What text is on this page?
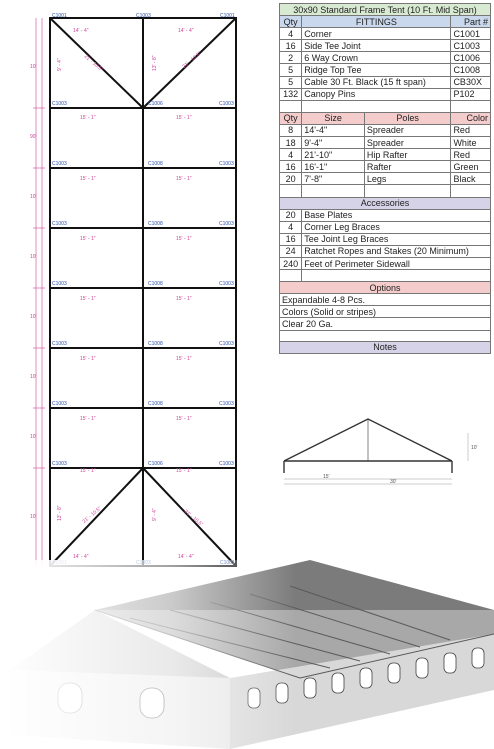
10'
90'
10'
10'
10'
10'
10'
10'
14' - 4"	14' - 4"
14' - 4"	14' - 4"
15' - 1"	15' - 1"
15' - 1"	15' - 1"
15' - 1"	15' - 1"
15' - 1"	15' - 1"
15' - 1"	15' - 1"
15' - 1"	15' - 1"
15' - 1"	15' - 1"
21' - 10.5"	21' - 10.5"
21' - 10.5"	21' - 10.5"
9' - 4"	13' - 8"
13' - 8"	9' - 4"
C1001	C1003	C1001
C1003	C1006	C1003
C1003	C1008	C1003
C1003	C1008	C1003
C1003	C1008	C1003
C1003	C1008	C1003
C1003	C1008	C1003
C1003	C1006	C1003
30x90 Standard Frame Tent (10 Ft. Mid Span)			
Qty	FITTINGS		Part #
4	Corner		C1001
16	Side Tee Joint		C1003
2	6 Way Crown		C1006
5	Ridge Top Tee		C1008
5	Cable 30 Ft. Black (15 ft span)		CB30X
132	Canopy Pins		P102

Qty	Size	Poles	Color
8	14'-4"	Spreader	Red
18	9'-4"	Spreader	White
4	21'-10"	Hip Rafter	Red
16	16'-1"	Rafter	Green
20	7'-8"	Legs	Black

Accessories			
20	Base Plates		
4	Corner Leg Braces		
16	Tee Joint Leg Braces		
24	Ratchet Ropes and Stakes (20 Minimum)		
240	Feet of Perimeter Sidewall		

Options			
Expandable 4-8 Pcs.			
Colors (Solid or stripes)			
Clear 20 Ga.			

Notes			
15'
30'
10'
